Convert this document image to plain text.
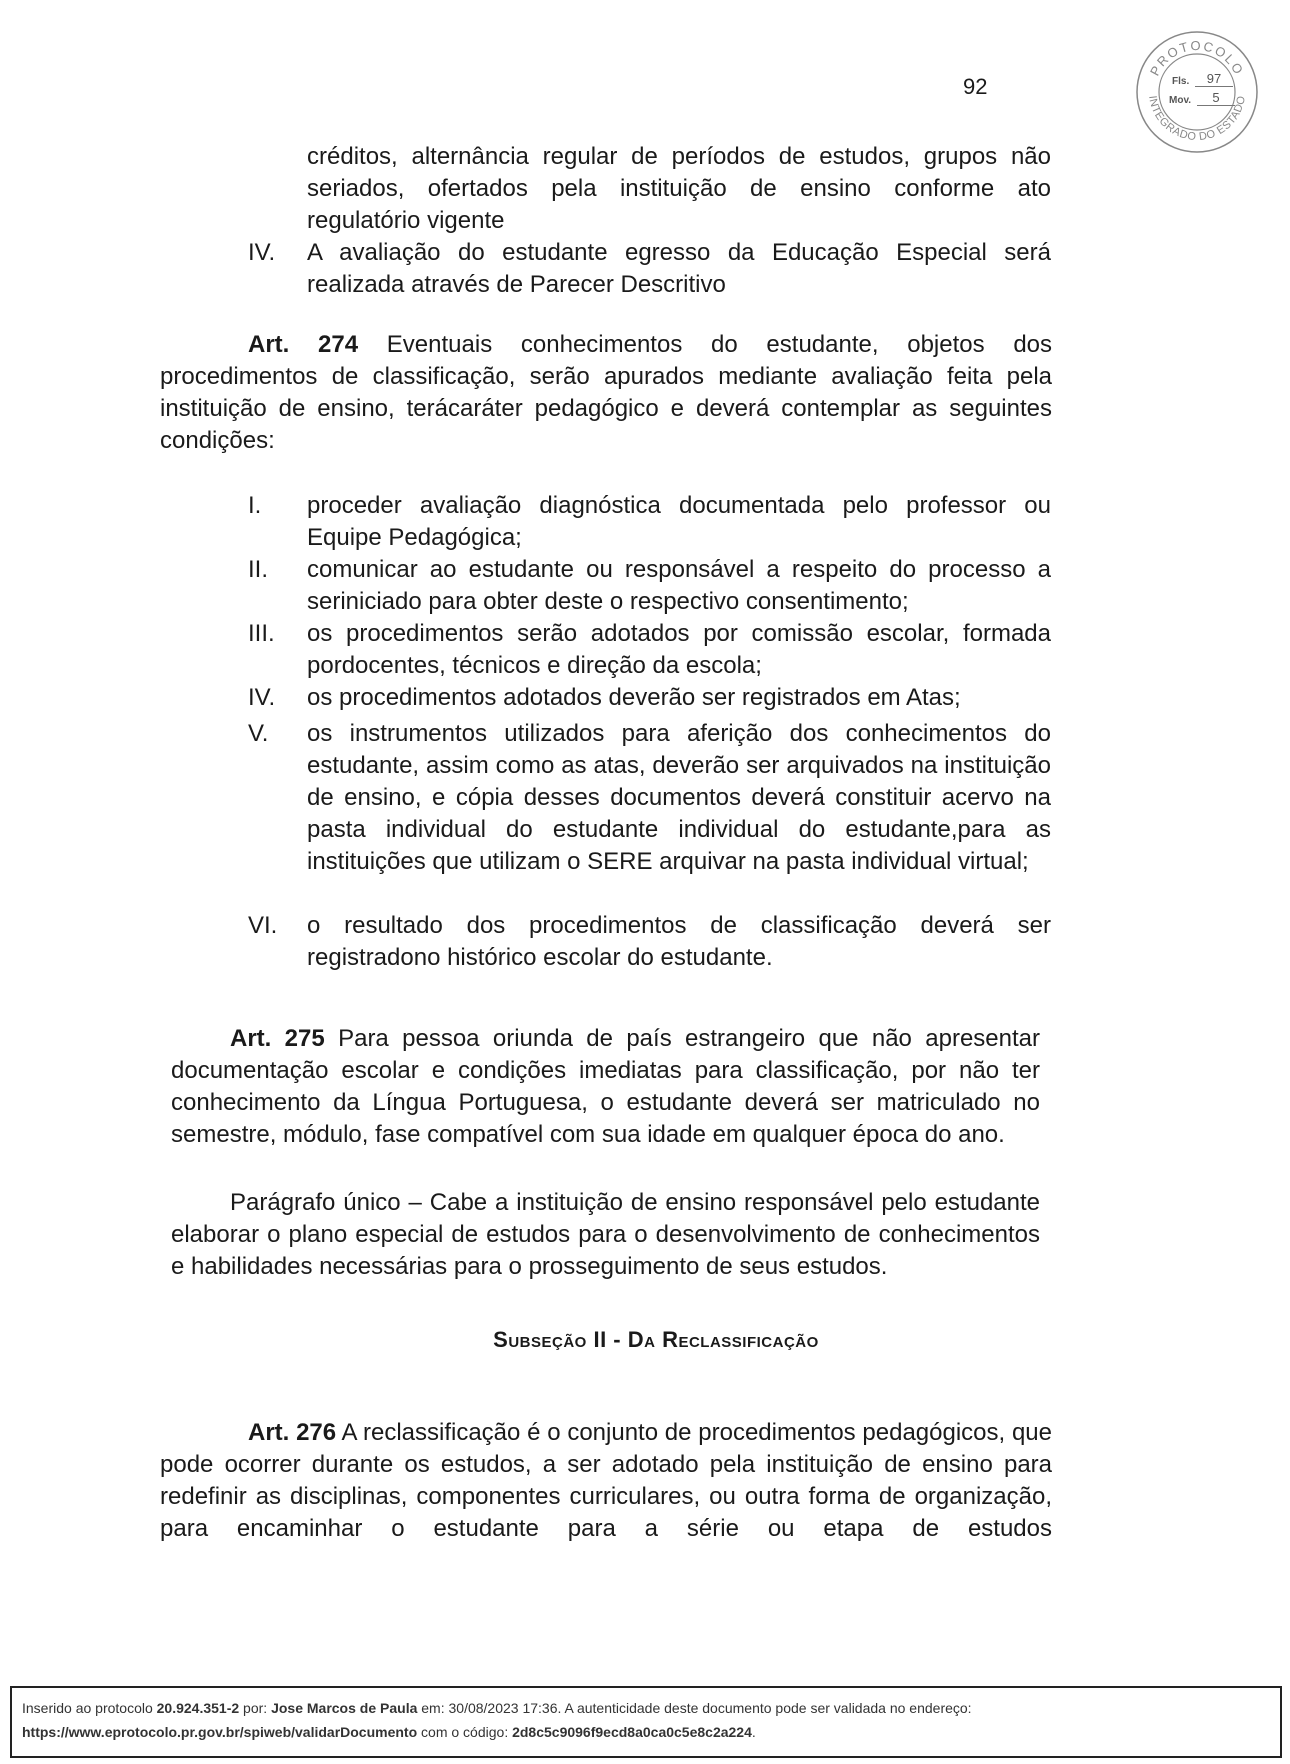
92
PROTOCOLO
INTEGRADO DO ESTADO
Fls.	97
Mov.	5
créditos, alternância regular de períodos de estudos, grupos não seriados, ofertados pela instituição de ensino conforme ato regulatório vigente
IV.	A avaliação do estudante egresso da Educação Especial será realizada através de Parecer Descritivo
Art. 274 Eventuais conhecimentos do estudante, objetos dos procedimentos de classificação, serão apurados mediante avaliação feita pela instituição de ensino, terácaráter pedagógico e deverá contemplar as seguintes condições:
I.	proceder avaliação diagnóstica documentada pelo professor ou Equipe Pedagógica;
II.	comunicar ao estudante ou responsável a respeito do processo a seriniciado para obter deste o respectivo consentimento;
III.	os procedimentos serão adotados por comissão escolar, formada pordocentes, técnicos e direção da escola;
IV.	os procedimentos adotados deverão ser registrados em Atas;
V.	os instrumentos utilizados para aferição dos conhecimentos do estudante, assim como as atas, deverão ser arquivados na instituição de ensino, e cópia desses documentos deverá constituir acervo na pasta individual do estudante individual do estudante,para as instituições que utilizam o SERE arquivar na pasta individual virtual;
VI.	o resultado dos procedimentos de classificação deverá ser registradono histórico escolar do estudante.
Art. 275 Para pessoa oriunda de país estrangeiro que não apresentar documentação escolar e condições imediatas para classificação, por não ter conhecimento da Língua Portuguesa, o estudante deverá ser matriculado no semestre, módulo, fase compatível com sua idade em qualquer época do ano.
Parágrafo único – Cabe a instituição de ensino responsável pelo estudante elaborar o plano especial de estudos para o desenvolvimento de conhecimentos e habilidades necessárias para o prosseguimento de seus estudos.
Subseção II - Da Reclassificação
Art. 276 A reclassificação é o conjunto de procedimentos pedagógicos, que pode ocorrer durante os estudos, a ser adotado pela instituição de ensino para redefinir as disciplinas, componentes curriculares, ou outra forma de organização, para encaminhar o estudante para a série ou etapa de estudos
Inserido ao protocolo 20.924.351-2 por: Jose Marcos de Paula em: 30/08/2023 17:36. A autenticidade deste documento pode ser validada no endereço:
https://www.eprotocolo.pr.gov.br/spiweb/validarDocumento com o código: 2d8c5c9096f9ecd8a0ca0c5e8c2a224.
